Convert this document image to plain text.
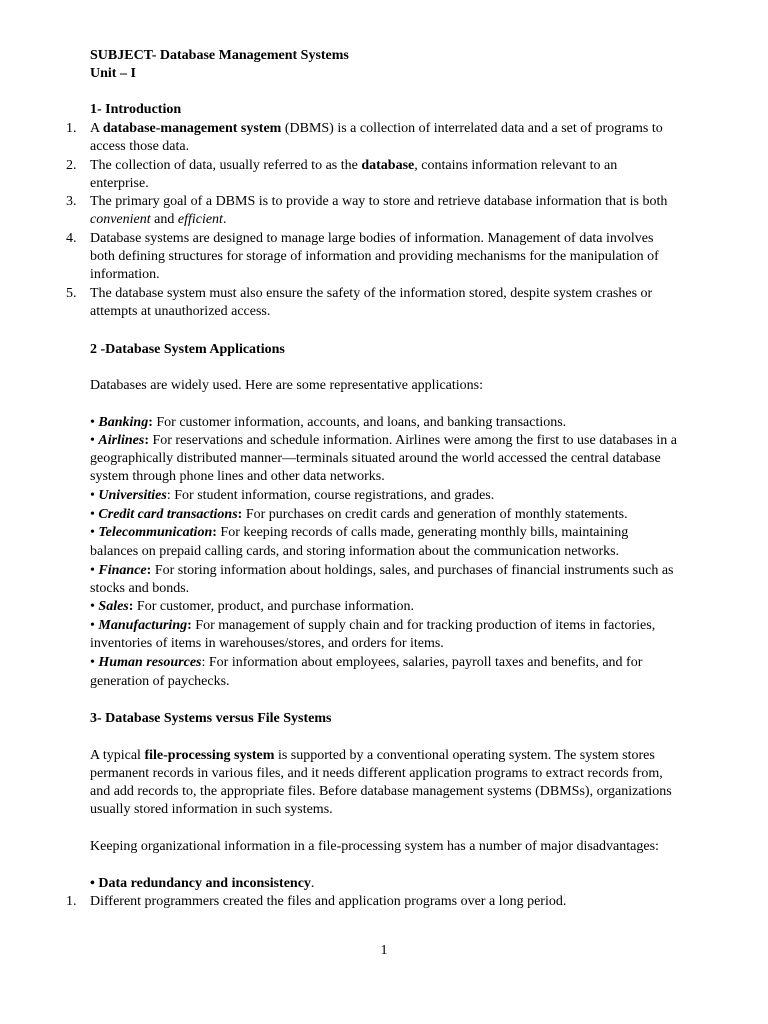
SUBJECT- Database Management Systems
Unit – I
1- Introduction
1. A database-management system (DBMS) is a collection of interrelated data and a set of programs to
access those data.
2. The collection of data, usually referred to as the database, contains information relevant to an
enterprise.
3. The primary goal of a DBMS is to provide a way to store and retrieve database information that is both
convenient and efficient.
4. Database systems are designed to manage large bodies of information. Management of data involves
both defining structures for storage of information and providing mechanisms for the manipulation of
information.
5. The database system must also ensure the safety of the information stored, despite system crashes or
attempts at unauthorized access.
2 -Database System Applications
Databases are widely used. Here are some representative applications:
• Banking: For customer information, accounts, and loans, and banking transactions.
• Airlines: For reservations and schedule information. Airlines were among the first to use databases in a
geographically distributed manner—terminals situated around the world accessed the central database
system through phone lines and other data networks.
• Universities: For student information, course registrations, and grades.
• Credit card transactions: For purchases on credit cards and generation of monthly statements.
• Telecommunication: For keeping records of calls made, generating monthly bills, maintaining
balances on prepaid calling cards, and storing information about the communication networks.
• Finance: For storing information about holdings, sales, and purchases of financial instruments such as
stocks and bonds.
• Sales: For customer, product, and purchase information.
• Manufacturing: For management of supply chain and for tracking production of items in factories,
inventories of items in warehouses/stores, and orders for items.
• Human resources: For information about employees, salaries, payroll taxes and benefits, and for
generation of paychecks.
3- Database Systems versus File Systems
A typical file-processing system is supported by a conventional operating system. The system stores
permanent records in various files, and it needs different application programs to extract records from,
and add records to, the appropriate files. Before database management systems (DBMSs), organizations
usually stored information in such systems.
Keeping organizational information in a file-processing system has a number of major disadvantages:
• Data redundancy and inconsistency.
1. Different programmers created the files and application programs over a long period.
1
